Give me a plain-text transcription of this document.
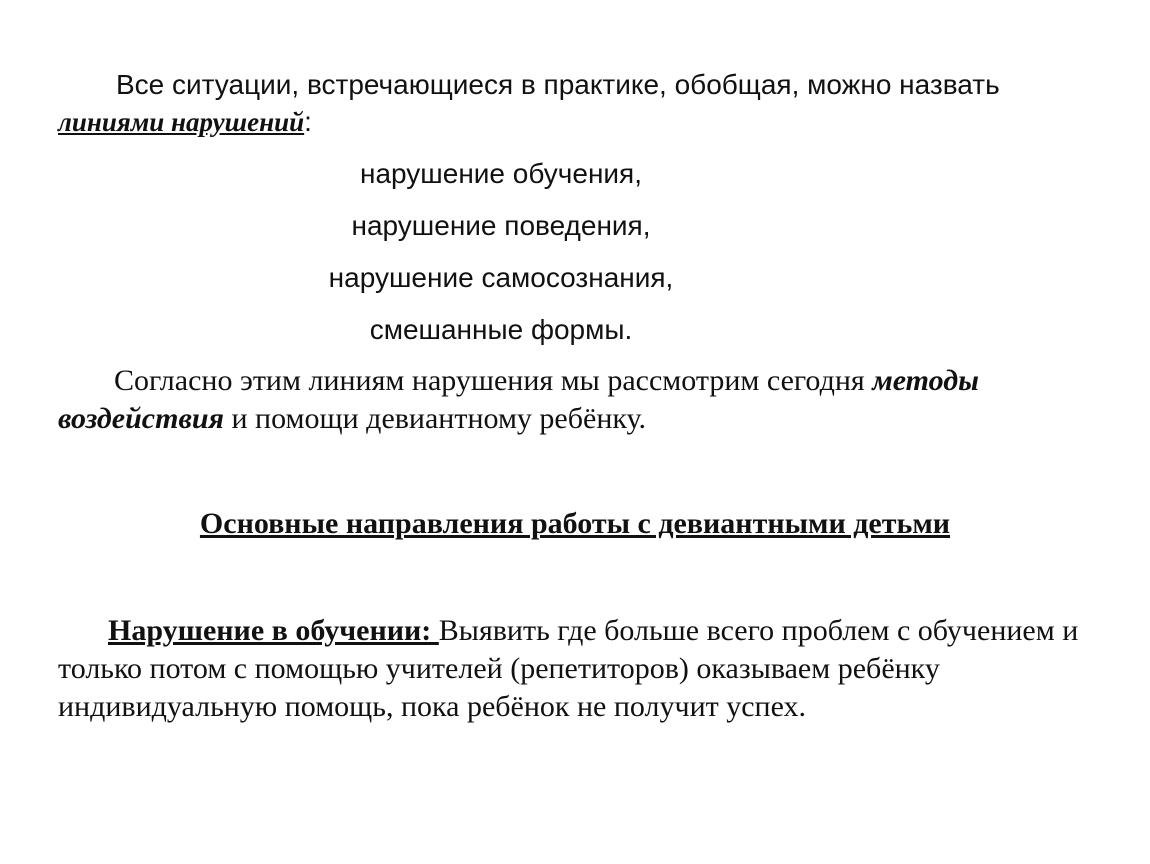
Все ситуации, встречающиеся в практике, обобщая, можно назвать линиями нарушений:

нарушение обучения,

нарушение поведения,

нарушение самосознания,

смешанные формы.

Согласно этим линиям нарушения мы рассмотрим сегодня методы воздействия и помощи девиантному ребёнку.

Основные направления работы с девиантными детьми

Нарушение в обучении: Выявить где больше всего проблем с обучением и только потом с помощью учителей (репетиторов) оказываем ребёнку индивидуальную помощь, пока ребёнок не получит успех.
